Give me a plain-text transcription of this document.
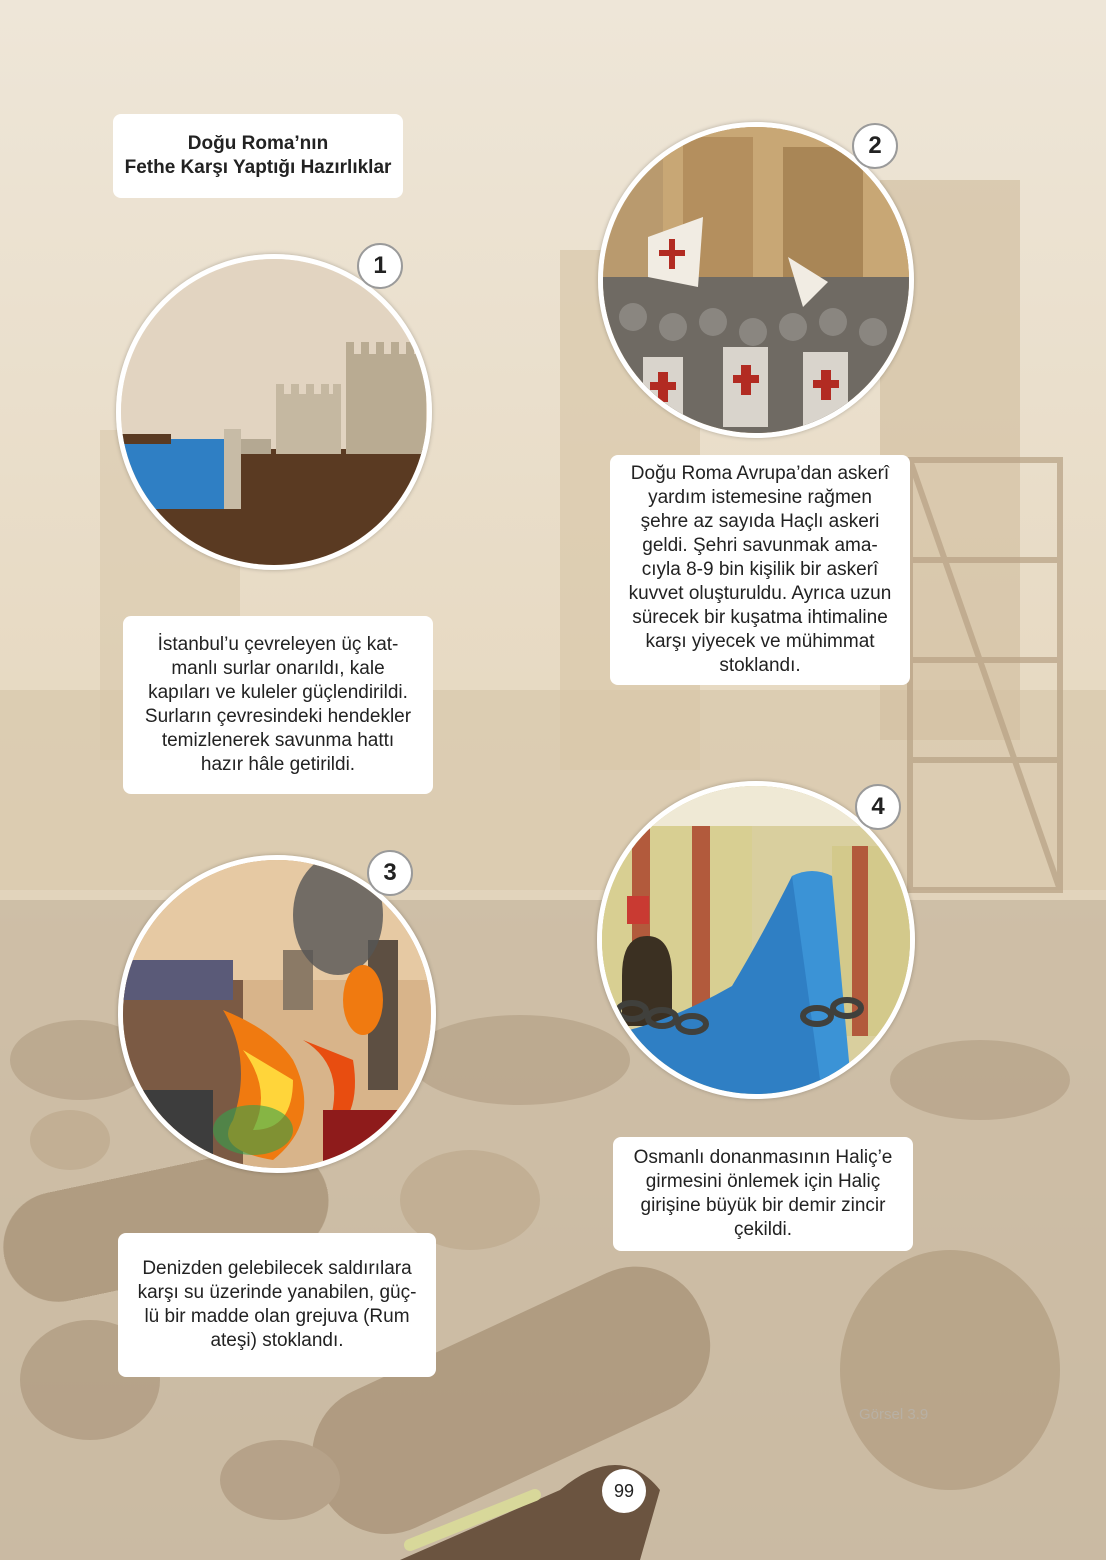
99
Doğu Roma’nın
Fethe Karşı Yaptığı Hazırlıklar
1
2
İstanbul’u çevreleyen üç kat-
manlı surlar onarıldı, kale
kapıları ve kuleler güçlendirildi.
Surların çevresindeki hendekler
temizlenerek savunma hattı
hazır hâle getirildi.
Doğu Roma Avrupa’dan askerî
yardım istemesine rağmen
şehre az sayıda Haçlı askeri
geldi. Şehri savunmak ama-
cıyla 8-9 bin kişilik bir askerî
kuvvet oluşturuldu. Ayrıca uzun
sürecek bir kuşatma ihtimaline
karşı yiyecek ve mühimmat
stoklandı.
3
4
Denizden gelebilecek saldırılara
karşı su üzerinde yanabilen, güç-
lü bir madde olan grejuva (Rum
ateşi) stoklandı.
Osmanlı donanmasının Haliç’e
girmesini önlemek için Haliç
girişine büyük bir demir zincir
çekildi.
Görsel 3.9
